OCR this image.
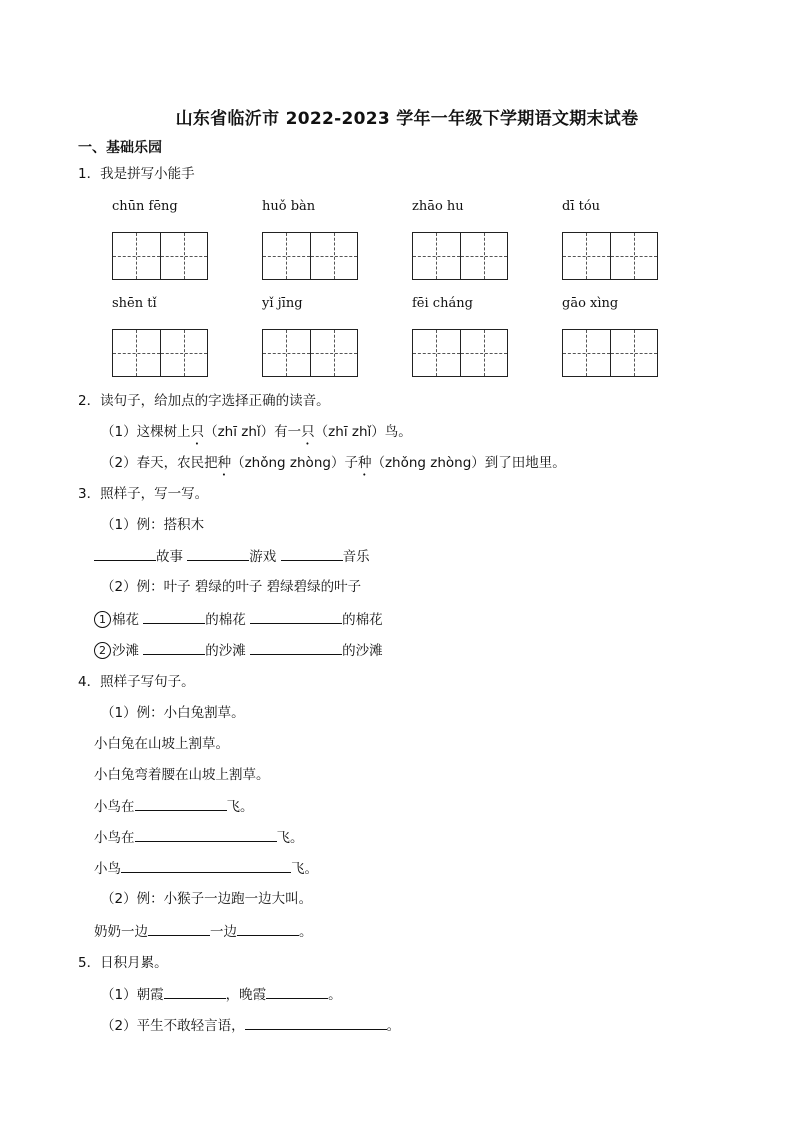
山东省临沂市 2022-2023 学年一年级下学期语文期末试卷
一、基础乐园
1．我是拼写小能手
chūn fēng	huǒ bàn	zhāo hu	dī tóu
shēn tǐ	yǐ jīng	fēi cháng	gāo xìng
2．读句子，给加点的字选择正确的读音。
（1）这棵树上只（zhī zhǐ）有一只（zhī zhǐ）鸟。
（2）春天，农民把种（zhǒng zhòng）子种（zhǒng zhòng）到了田地里。
3．照样子，写一写。
（1）例：搭积木
故事	游戏	音乐
（2）例：叶子 碧绿的叶子 碧绿碧绿的叶子
1 棉花	的棉花	的棉花
2 沙滩	的沙滩	的沙滩
4．照样子写句子。
（1）例：小白兔割草。
小白兔在山坡上割草。
小白兔弯着腰在山坡上割草。
小鸟在	飞。
小鸟在	飞。
小鸟	飞。
（2）例：小猴子一边跑一边大叫。
奶奶一边	一边	。
5．日积月累。
（1）朝霞	，晚霞	。
（2）平生不敢轻言语，	。
